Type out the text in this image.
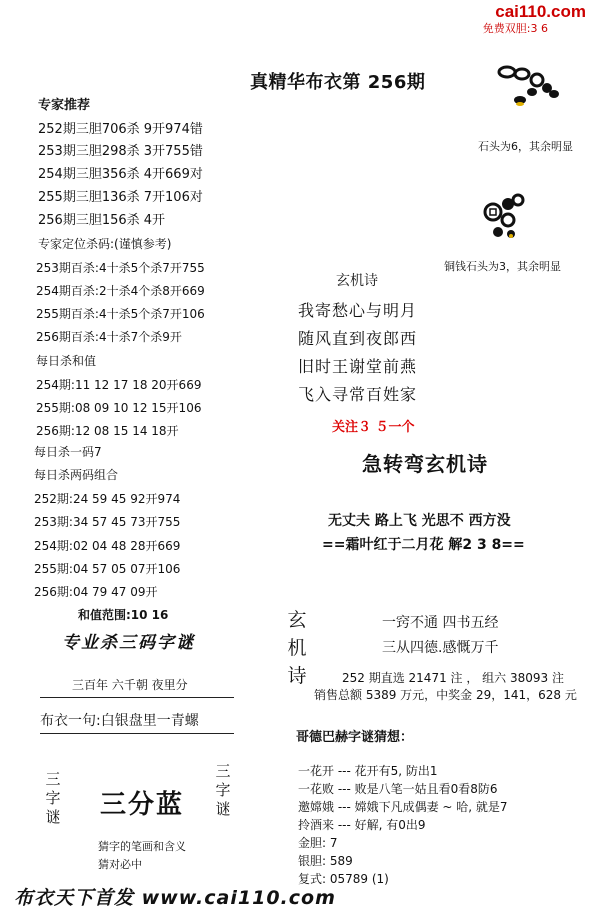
cai110.com
免费双胆:3 6
真精华布衣第 256期
石头为6，其余明显
铜钱石头为3，其余明显
专家推荐
252期三胆706杀 9开974错
253期三胆298杀 3开755错
254期三胆356杀 4开669对
255期三胆136杀 7开106对
256期三胆156杀 4开
专家定位杀码:(谨慎参考)
253期百杀:4十杀5个杀7开755
254期百杀:2十杀4个杀8开669
255期百杀:4十杀5个杀7开106
256期百杀:4十杀7个杀9开
每日杀和值
254期:11 12 17 18 20开669
255期:08 09 10 12 15开106
256期:12 08 15 14 18开
每日杀一码7
每日杀两码组合
252期:24 59 45 92开974
253期:34 57 45 73开755
254期:02 04 48 28开669
255期:04 57 05 07开106
256期:04 79 47 09开
和值范围:10 16
专业杀三码字谜
三百年 六千朝 夜里分
布衣一句:白银盘里一青螺
三字谜 三分蓝
三字谜
猜字的笔画和含义
猜对必中
玄机诗
我寄愁心与明月
随风直到夜郎西
旧时王谢堂前燕
飞入寻常百姓家
关注３ ５一个
急转弯玄机诗
无丈夫 路上飞 光思不 西方没
==霜叶红于二月花 解2 3 8==
玄机诗
一窍不通 四书五经
三从四德.感慨万千
252 期直选 21471 注 ， 组六 38093 注
销售总额 5389 万元，中奖金 29，141，628 元
哥德巴赫字谜猜想：
一花开 --- 花开有5, 防出1
一花败 --- 败是八笔一姑且看0看8防6
邀嫦娥 --- 嫦娥下凡成偶妻 ~ 哈, 就是7
拎酒来 --- 好解, 有0出9
金胆: 7
银胆: 589
复式: 05789 (1)
布衣天下首发 www.cai110.com
